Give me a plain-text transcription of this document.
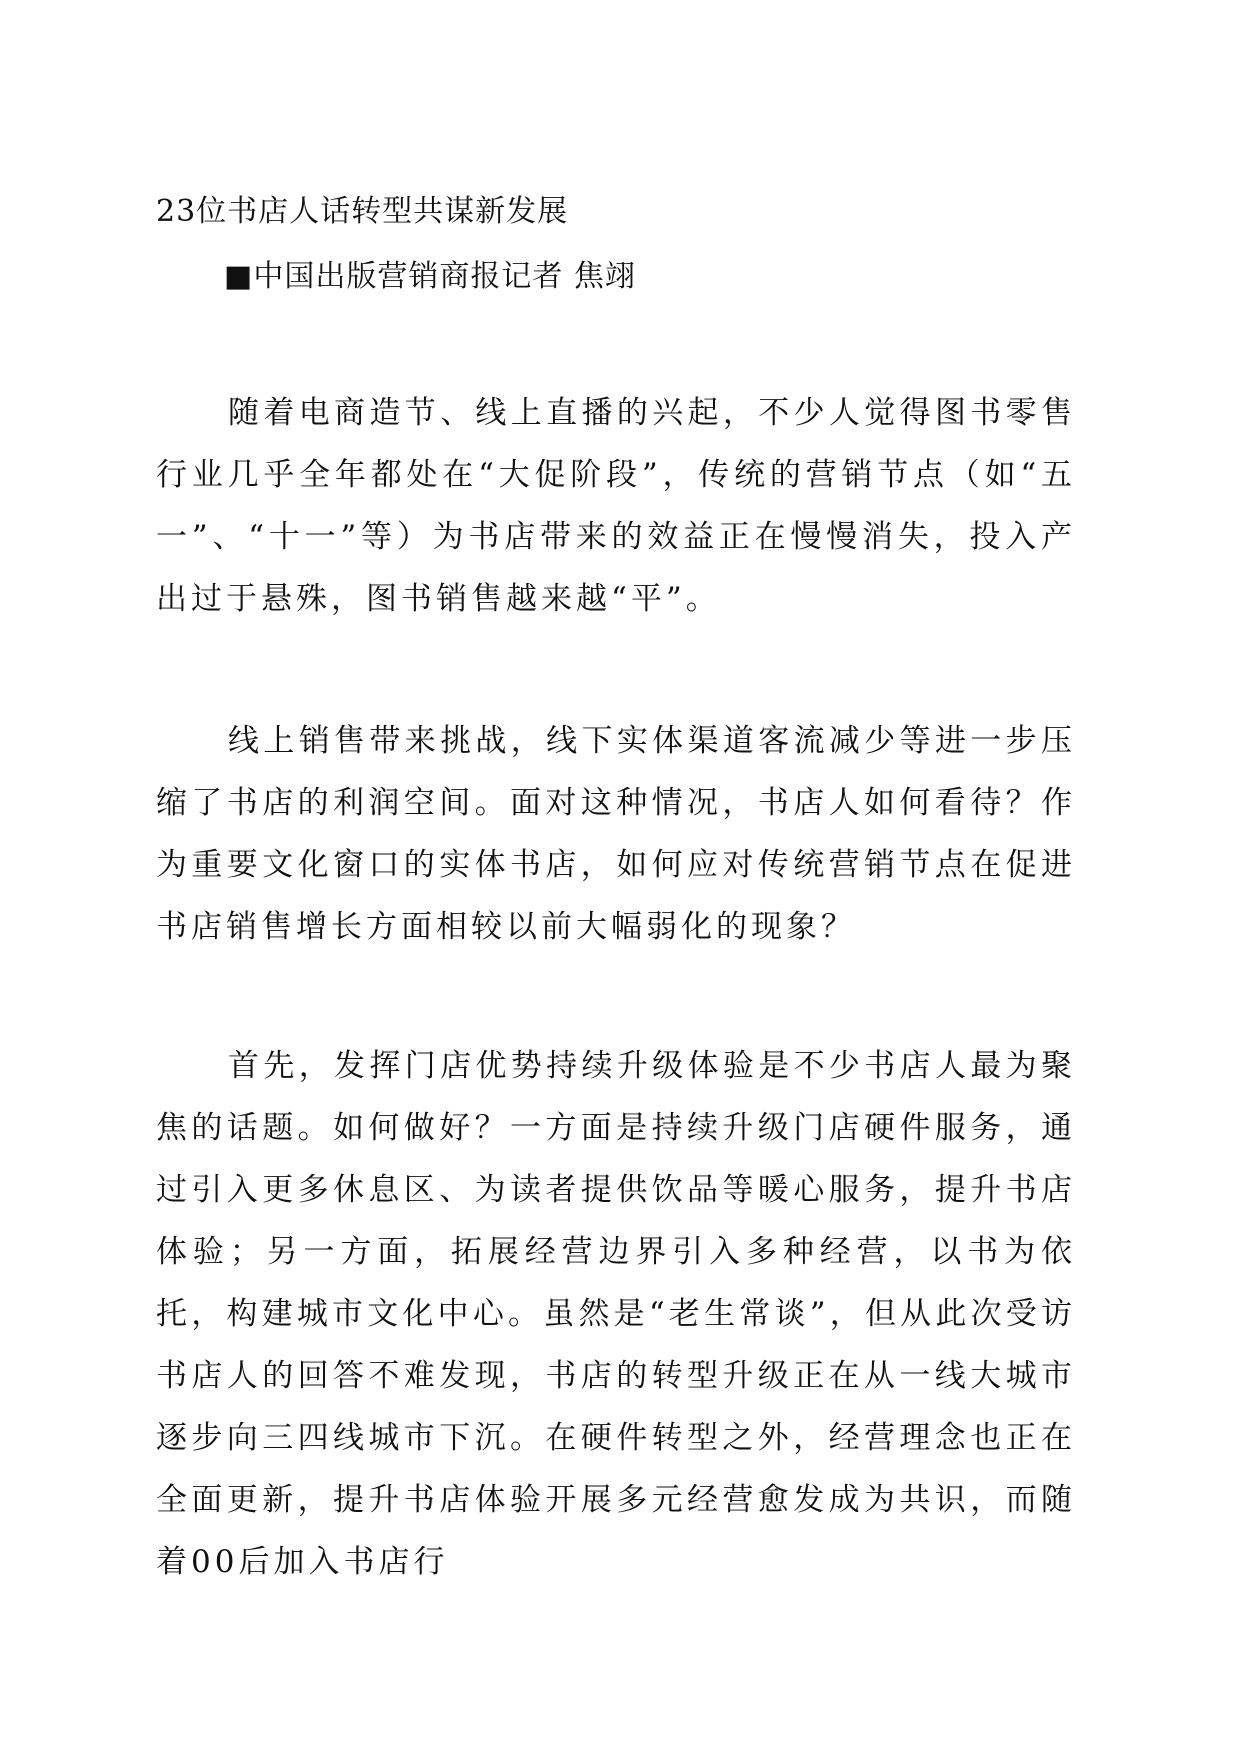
23位书店人话转型共谋新发展
■中国出版营销商报记者 焦翊

随着电商造节、线上直播的兴起，不少人觉得图书零售行业几乎全年都处在“大促阶段”，传统的营销节点（如“五一”、“十一”等）为书店带来的效益正在慢慢消失，投入产出过于悬殊，图书销售越来越“平”。

线上销售带来挑战，线下实体渠道客流减少等进一步压缩了书店的利润空间。面对这种情况，书店人如何看待？作为重要文化窗口的实体书店，如何应对传统营销节点在促进书店销售增长方面相较以前大幅弱化的现象？

首先，发挥门店优势持续升级体验是不少书店人最为聚焦的话题。如何做好？一方面是持续升级门店硬件服务，通过引入更多休息区、为读者提供饮品等暖心服务，提升书店体验；另一方面，拓展经营边界引入多种经营，以书为依托，构建城市文化中心。虽然是“老生常谈”，但从此次受访书店人的回答不难发现，书店的转型升级正在从一线大城市逐步向三四线城市下沉。在硬件转型之外，经营理念也正在全面更新，提升书店体验开展多元经营愈发成为共识，而随着00后加入书店行
